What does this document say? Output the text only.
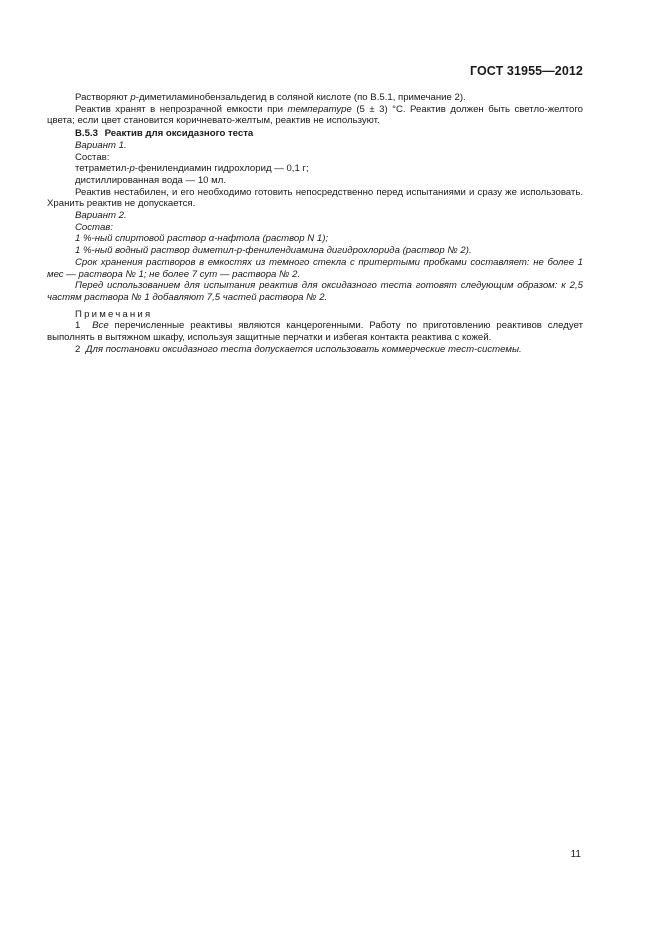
ГОСТ 31955—2012

Растворяют p-диметиламинобензальдегид в соляной кислоте (по В.5.1, примечание 2).

Реактив хранят в непрозрачной емкости при температуре (5 ± 3) °С. Реактив должен быть светло-желтого цвета; если цвет становится коричневато-желтым, реактив не используют.

В.5.3 Реактив для оксидазного теста

Вариант 1.

Состав:

тетраметил-p-фенилендиамин гидрохлорид — 0,1 г;

дистиллированная вода — 10 мл.

Реактив нестабилен, и его необходимо готовить непосредственно перед испытаниями и сразу же использовать. Хранить реактив не допускается.

Вариант 2.

Состав:

1 %-ный спиртовой раствор α-нафтола (раствор N 1);

1 %-ный водный раствор диметил-р-фенилендиамина дигидрохлорида (раствор № 2).

Срок хранения растворов в емкостях из темного стекла с притертыми пробками составляет: не более 1 мес — раствора № 1; не более 7 сут — раствора № 2.

Перед использованием для испытания реактив для оксидазного теста готовят следующим образом: к 2,5 частям раствора № 1 добавляют 7,5 частей раствора № 2.

Примечания

1 Все перечисленные реактивы являются канцерогенными. Работу по приготовлению реактивов следует выполнять в вытяжном шкафу, используя защитные перчатки и избегая контакта реактива с кожей.

2 Для постановки оксидазного теста допускается использовать коммерческие тест-системы.

11
